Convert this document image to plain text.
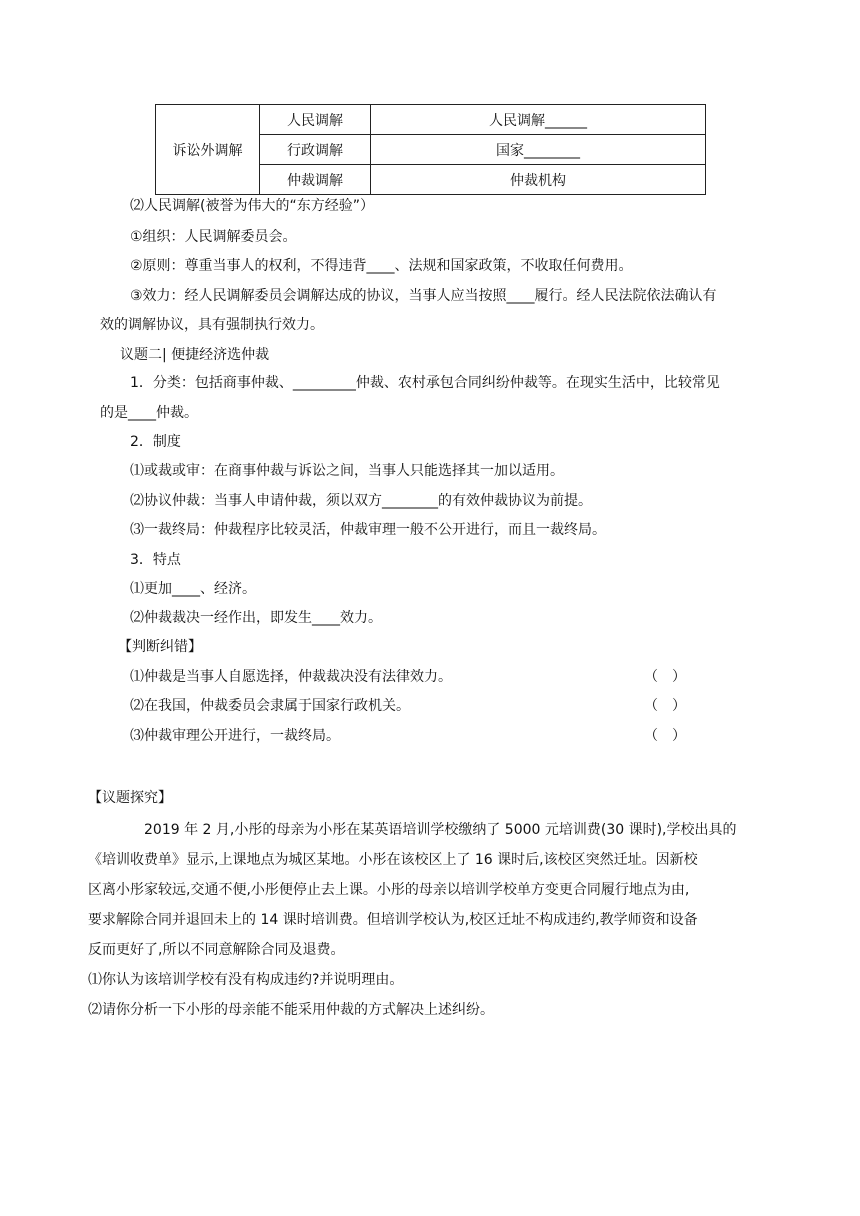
诉讼外调解	人民调解	人民调解______
	行政调解	国家________
	仲裁调解	仲裁机构
⑵人民调解(被誉为伟大的“东方经验”）
①组织：人民调解委员会。
②原则：尊重当事人的权利，不得违背____、法规和国家政策，不收取任何费用。
③效力：经人民调解委员会调解达成的协议，当事人应当按照____履行。经人民法院依法确认有
效的调解协议，具有强制执行效力。
议题二| 便捷经济选仲裁
1．分类：包括商事仲裁、_________仲裁、农村承包合同纠纷仲裁等。在现实生活中，比较常见
的是____仲裁。
2．制度
⑴或裁或审：在商事仲裁与诉讼之间，当事人只能选择其一加以适用。
⑵协议仲裁：当事人申请仲裁，须以双方________的有效仲裁协议为前提。
⑶一裁终局：仲裁程序比较灵活，仲裁审理一般不公开进行，而且一裁终局。
3．特点
⑴更加____、经济。
⑵仲裁裁决一经作出，即发生____效力。
【判断纠错】
⑴仲裁是当事人自愿选择，仲裁裁决没有法律效力。	（　）
⑵在我国，仲裁委员会隶属于国家行政机关。	（　）
⑶仲裁审理公开进行，一裁终局。	（　）
【议题探究】
2019 年 2 月,小彤的母亲为小彤在某英语培训学校缴纳了 5000 元培训费(30 课时),学校出具的
《培训收费单》显示,上课地点为城区某地。小彤在该校区上了 16 课时后,该校区突然迁址。因新校
区离小彤家较远,交通不便,小彤便停止去上课。小彤的母亲以培训学校单方变更合同履行地点为由,
要求解除合同并退回未上的 14 课时培训费。但培训学校认为,校区迁址不构成违约,教学师资和设备
反而更好了,所以不同意解除合同及退费。
⑴你认为该培训学校有没有构成违约?并说明理由。
⑵请你分析一下小彤的母亲能不能采用仲裁的方式解决上述纠纷。
